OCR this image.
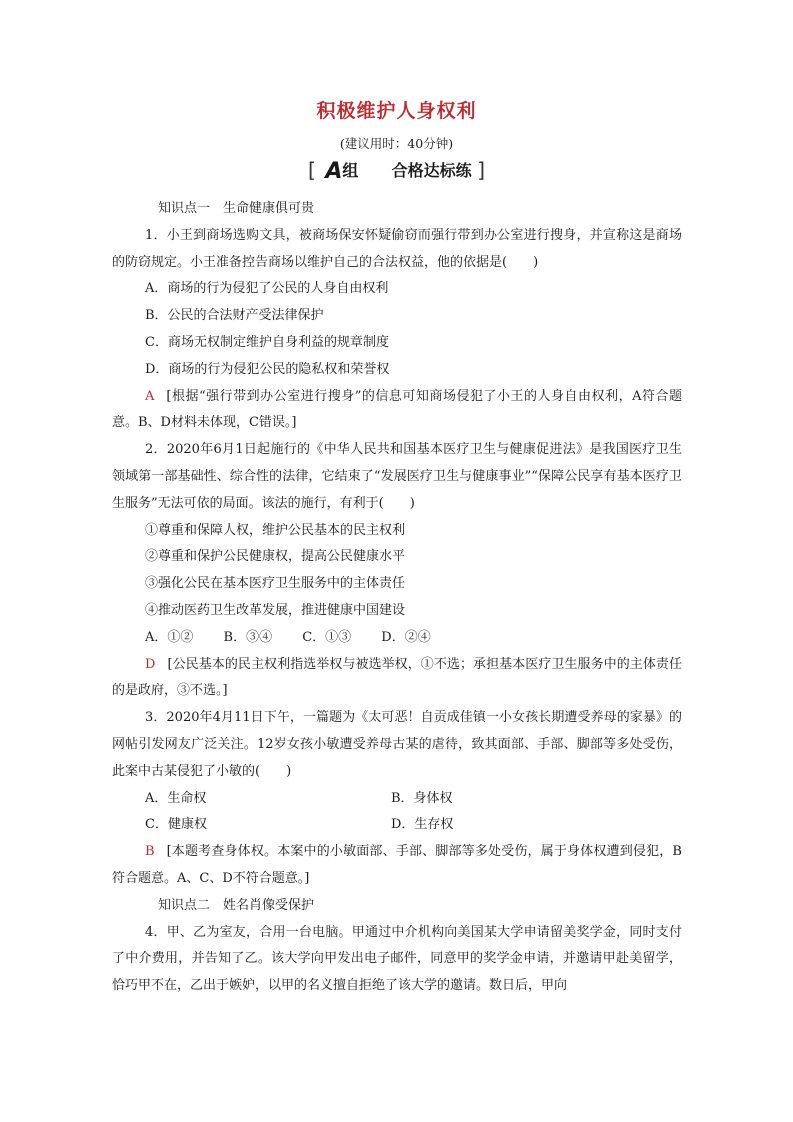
积极维护人身权利
(建议用时：40分钟)
[ A组 合格达标练 ]

知识点一　生命健康俱可贵

1．小王到商场选购文具，被商场保安怀疑偷窃而强行带到办公室进行搜身，并宣称这是商场的防窃规定。小王准备控告商场以维护自己的合法权益，他的依据是(　　)

A．商场的行为侵犯了公民的人身自由权利

B．公民的合法财产受法律保护

C．商场无权制定维护自身利益的规章制度

D．商场的行为侵犯公民的隐私权和荣誉权

A [根据“强行带到办公室进行搜身”的信息可知商场侵犯了小王的人身自由权利，A符合题意。B、D材料未体现，C错误。]

2．2020年6月1日起施行的《中华人民共和国基本医疗卫生与健康促进法》是我国医疗卫生领域第一部基础性、综合性的法律，它结束了“发展医疗卫生与健康事业”“保障公民享有基本医疗卫生服务”无法可依的局面。该法的施行，有利于(　　)

①尊重和保障人权，维护公民基本的民主权利

②尊重和保护公民健康权，提高公民健康水平

③强化公民在基本医疗卫生服务中的主体责任

④推动医药卫生改革发展，推进健康中国建设

A．①②　　 B．③④　　 C．①③　　 D．②④

D [公民基本的民主权利指选举权与被选举权，①不选；承担基本医疗卫生服务中的主体责任的是政府，③不选。]

3．2020年4月11日下午，一篇题为《太可恶！自贡成佳镇一小女孩长期遭受养母的家暴》的网帖引发网友广泛关注。12岁女孩小敏遭受养母古某的虐待，致其面部、手部、脚部等多处受伤，此案中古某侵犯了小敏的(　　)

A．生命权	B．身体权

C．健康权	D．生存权

B [本题考查身体权。本案中的小敏面部、手部、脚部等多处受伤，属于身体权遭到侵犯，B符合题意。A、C、D不符合题意。]

知识点二　姓名肖像受保护

4．甲、乙为室友，合用一台电脑。甲通过中介机构向美国某大学申请留美奖学金，同时支付了中介费用，并告知了乙。该大学向甲发出电子邮件，同意甲的奖学金申请，并邀请甲赴美留学，恰巧甲不在，乙出于嫉妒，以甲的名义擅自拒绝了该大学的邀请。数日后，甲向
